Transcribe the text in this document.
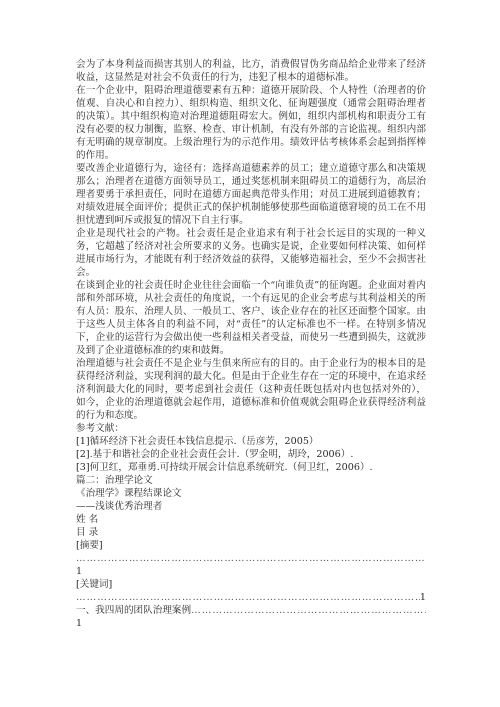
会为了本身利益而损害其别人的利益，比方，消费假冒伪劣商品给企业带来了经济收益，这显然是对社会不负责任的行为，违犯了根本的道德标准。

在一个企业中，阻碍治理道德要素有五种：道德开展阶段、个人特性（治理者的价值观、自决心和自控力）、组织构造、组织文化、征询题强度（通常会阻碍治理者的决策）。其中组织构造对治理道德阻碍宏大。例如，组织内部机构和职责分工有没有必要的权力制衡，监察、检查、审计机制，有没有外部的言论监视。组织内部有无明确的规章制度。上级治理行为的示范作用。绩效评估考核体系会起到指挥棒的作用。

要改善企业道德行为，途径有：选择高道德素养的员工；建立道德守那么和决策规那么；治理者在道德方面领导员工，通过奖惩机制来阻碍员工的道德行为，高层治理者要勇于承担责任，同时在道德方面起典范带头作用；对员工进展到道德教育；对绩效进展全面评价；提供正式的保护机制能够使那些面临道德窘境的员工在不用担忧遭到呵斥或报复的情况下自主行事。

企业是现代社会的产物。社会责任是企业追求有利于社会长远目的实现的一种义务，它超越了经济对社会所要求的义务。也确实是说，企业要如何样决策、如何样进展市场行为，才能既有利于经济效益的获得，又能够造福社会，至少不会损害社会。

在谈到企业的社会责任时企业往往会面临一个“向谁负责”的征询题。企业面对着内部和外部环境，从社会责任的角度说，一个有远见的企业会考虑与其利益相关的所有人员：股东、治理人员、一般员工、客户、该企业存在的社区还面整个国家。由于这些人员主体各自的利益不同，对“责任”的认定标准也不一样。在特别多情况下，企业的运营行为会做出使一些利益相关者受益，而使另一些遭到损失，这就涉及到了企业道德标准的约束和鼓舞。

治理道德与社会责任不是企业与生俱来所应有的目的。由于企业行为的根本目的是获得经济利益，实现利润的最大化。但是由于企业生存在一定的环境中，在追求经济利润最大化的同时，要考虑到社会责任（这种责任既包括对内也包括对外的），如今，企业的治理道德就会起作用，道德标准和价值观就会阻碍企业获得经济利益的行为和态度。

参考文献：

[1]循环经济下社会责任本钱信息提示.（岳彦芳，2005）

[2].基于和谐社会的企业社会责任会计.（罗金明，胡玲，2006）.

[3]何卫红，郑垂勇.可持续开展会计信息系统研究.（何卫红，2006）.

篇二：治理学论文

《治理学》课程结课论文

——浅谈优秀治理者

姓 名

目 录

[摘要]

……………………………………………………………………………………………………………………………………………………………………

1

[关键词]

……………………………………………………………………………………………………………………………………………………………………
1
一、我四周的团队治理案例
……………………………………………………………………………………………………………………………………………………………………

1
